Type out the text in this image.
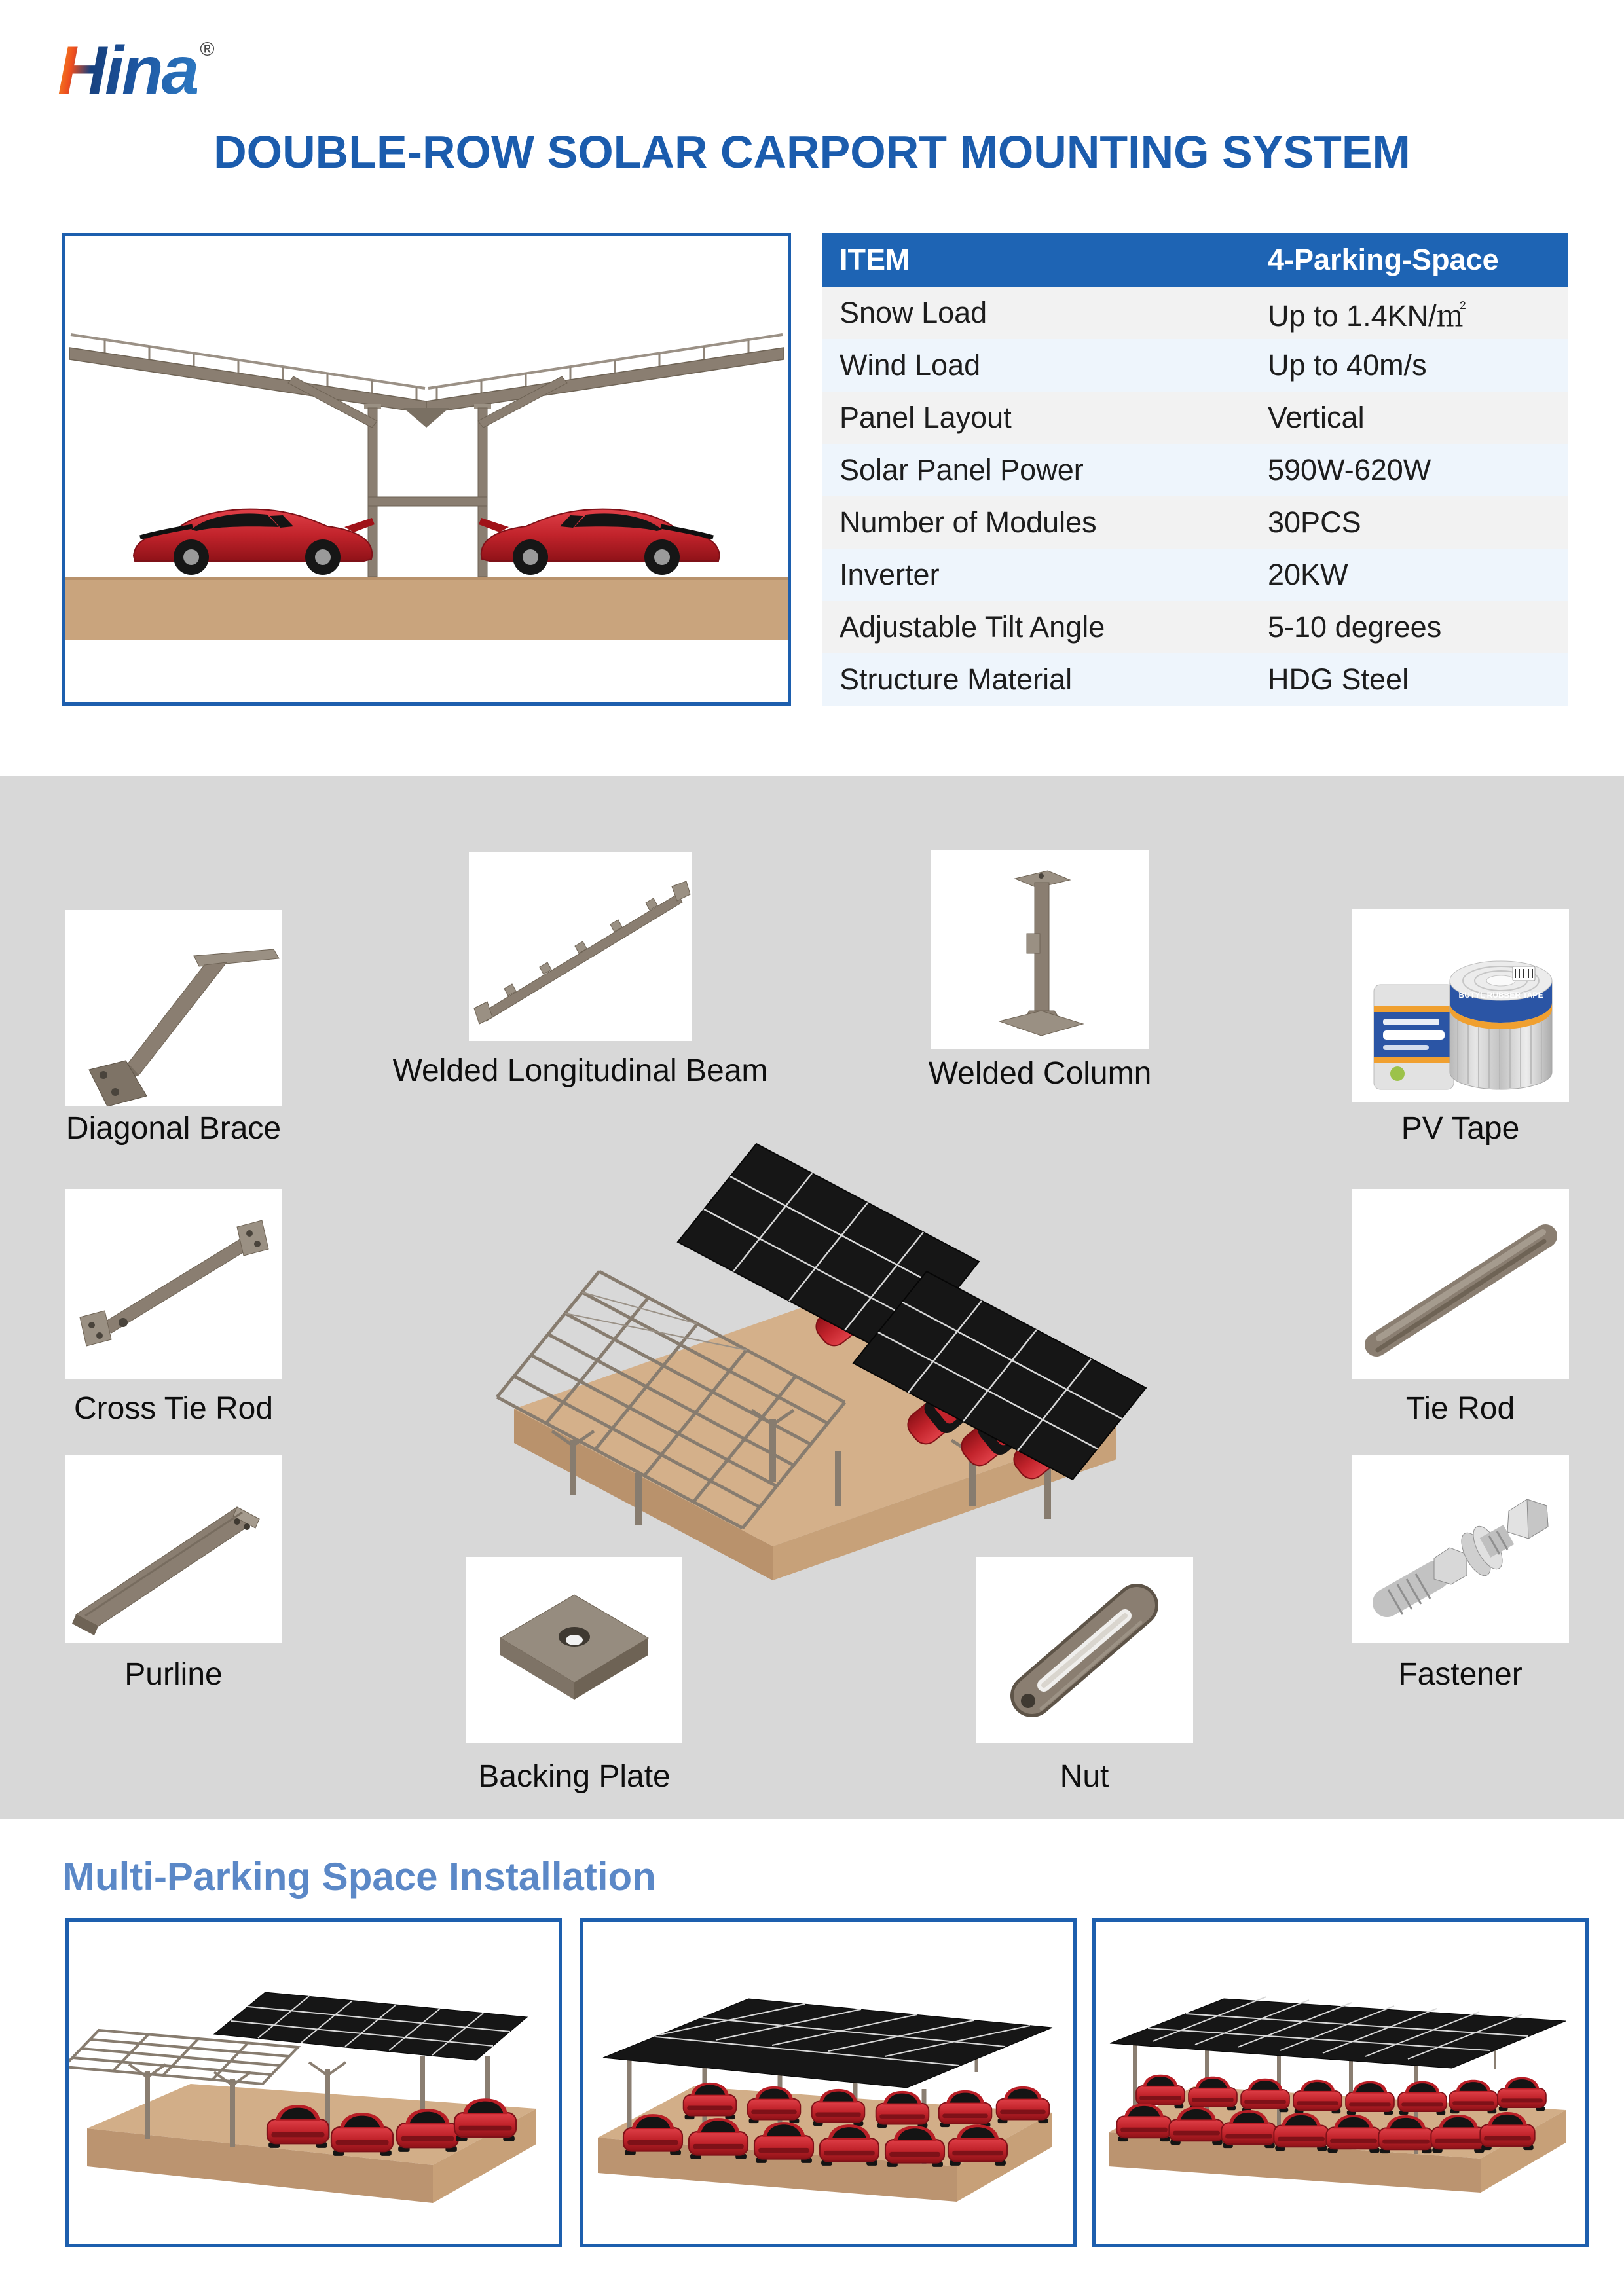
Hina ®
DOUBLE-ROW SOLAR CARPORT MOUNTING SYSTEM
ITEM	4-Parking-Space
Snow Load	Up to 1.4KN/㎡
Wind Load	Up to 40m/s
Panel Layout	Vertical
Solar Panel Power	590W-620W
Number of Modules	30PCS
Inverter	20KW
Adjustable Tilt Angle	5-10 degrees
Structure Material	HDG Steel
Diagonal Brace
Welded Longitudinal Beam	Welded Column
BUTYL RUBBER TAPE
PV Tape
Cross Tie Rod	Tie Rod
Purline
Backing Plate	Nut
Fastener
Multi-Parking Space Installation
